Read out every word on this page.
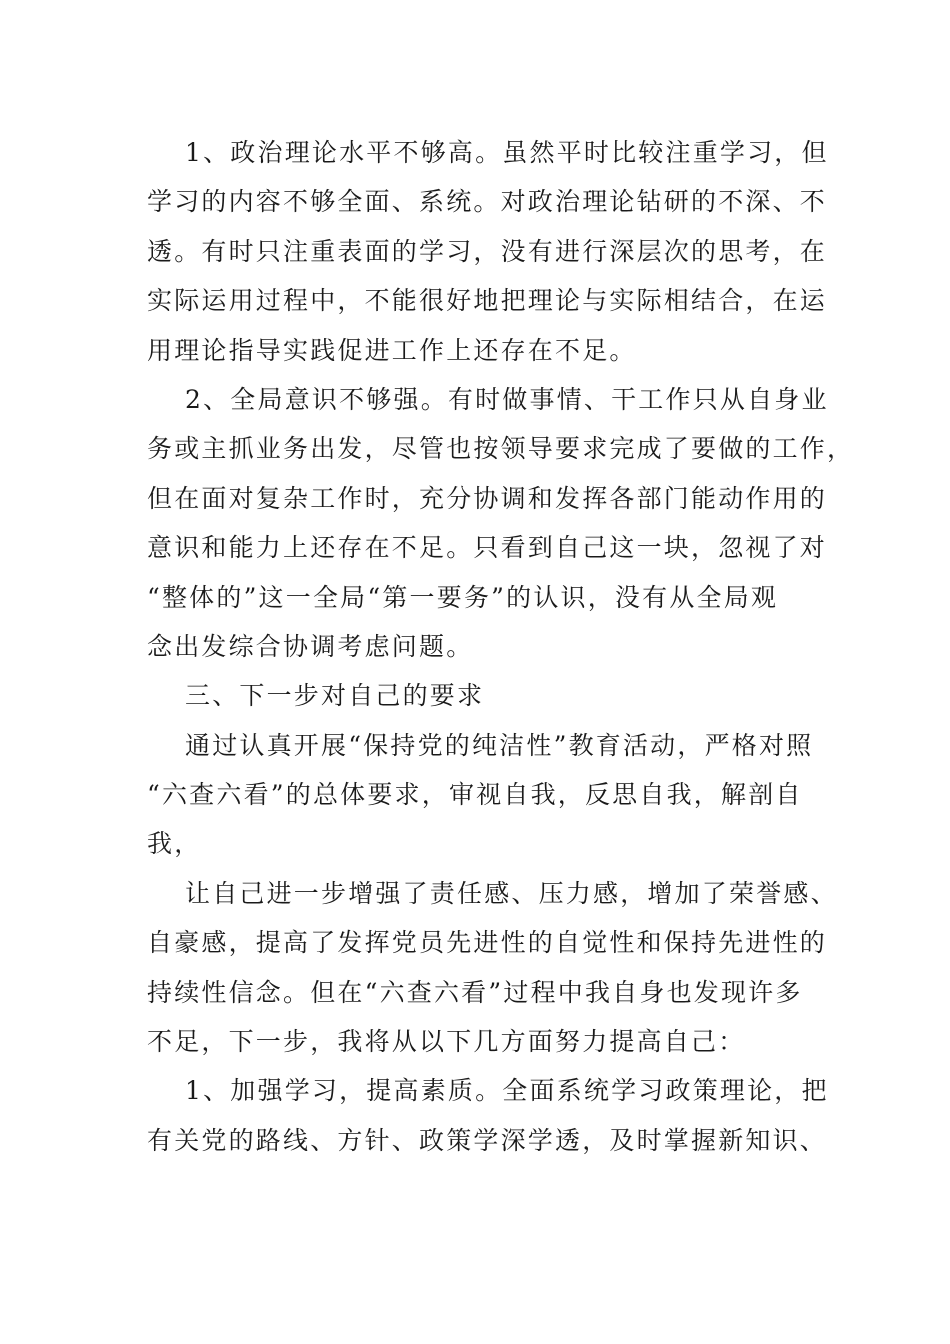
1、政治理论水平不够高。虽然平时比较注重学习，但
学习的内容不够全面、系统。对政治理论钻研的不深、不
透。有时只注重表面的学习，没有进行深层次的思考，在
实际运用过程中，不能很好地把理论与实际相结合，在运
用理论指导实践促进工作上还存在不足。
2、全局意识不够强。有时做事情、干工作只从自身业
务或主抓业务出发，尽管也按领导要求完成了要做的工作，
但在面对复杂工作时，充分协调和发挥各部门能动作用的
意识和能力上还存在不足。只看到自己这一块，忽视了对
“整体的”这一全局“第一要务”的认识，没有从全局观
念出发综合协调考虑问题。
三、下一步对自己的要求
通过认真开展“保持党的纯洁性”教育活动，严格对照
“六查六看”的总体要求，审视自我，反思自我，解剖自
我，
让自己进一步增强了责任感、压力感，增加了荣誉感、
自豪感，提高了发挥党员先进性的自觉性和保持先进性的
持续性信念。但在“六查六看”过程中我自身也发现许多
不足，下一步，我将从以下几方面努力提高自己：
1、加强学习，提高素质。全面系统学习政策理论，把
有关党的路线、方针、政策学深学透，及时掌握新知识、
